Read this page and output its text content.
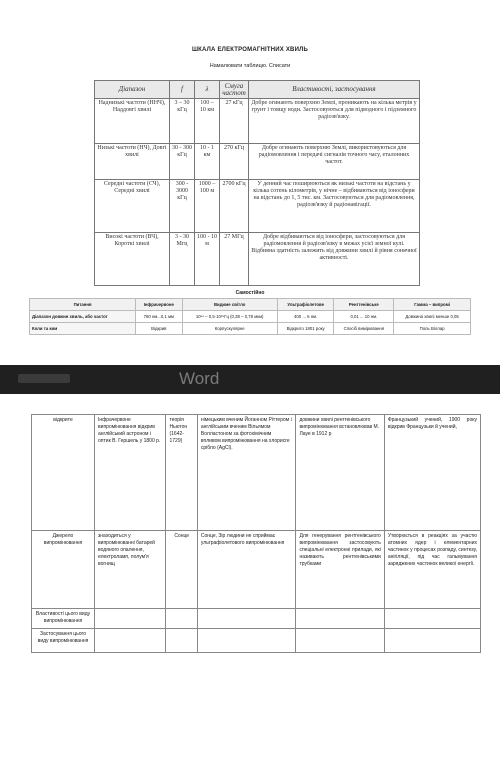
ШКАЛА ЕЛЕКТРОМАГНІТНИХ ХВИЛЬ
Намалювати таблицю. Списати
Діапазон	f	λ	Смуга частот	Властивості, застосування
Наднизькі частоти (ННЧ), Наддовгі хвилі	3 – 30 кГц	100 – 10 км	27 кГц	Добре огинають поверхню Землі, проникають на кілька метрів у грунт і товщу води. Застосовуються для підводного і підземного радіозв'язку.
Низькі частоти (НЧ), Довгі хвилі	30 - 300 кГц	10 - 1 км	270 кГц	Добре огинають поверхню Землі, використовуються для радіомовлення і передачі сигналів точного часу, еталонних частот.
Середні частоти (СЧ), Середні хвилі	300 - 3000 кГц	1000 – 100 м	2700 кГц	У денний час поширюються як низькі частоти на відстань у кілька сотень кілометрів, у нічне – відбиваються від іоносфери на відстань до 1, 5 тис. км. Застосовуються для радіомовлення, радіозв'язку й радіонавігації.
Високі частоти (ВЧ), Короткі хвилі	3 - 30 Мгц	100 - 10 м	27 МГц	Добре відбиваються від іоносфери, застосовуються для радіомовлення й радіозв'язку в межах усієї земної кулі. Відбивна здатність залежить від довжини хвилі й рівня сонячної активності.
Самостійно
Питання	Інфрачервоне	Видиме світло	Ультрафіолетове	Рентгенівське	Гамма – випромі
Діапазон довжин хвиль, або частот	760 нм...0,1 мм	10¹⁴ – 0,5·10¹⁵Гц (0,38 – 0,78 мкм)	400 ... 6 нм.	0,01 ... 10 нм.	Довжина хвилі менше 0,05
Коли та ким	Відкрив	Корпускулярне	Відкрито 1801 року	Спосіб вимірювання	Поль Віллар
Word
відкрите	Інфрачервоне випромінювання відкрив англійський астроном і оптик В. Гершель у 1800 р.	теорія Ньютон (1642-1729)	німецьким вченим Йоганном Ріттером і англійським вченим Вільямом Волластоном за фотохімічним впливом випромінювання на хлорисге срібло (AgCl).	довжини хвилі рентгенівського випромінювання встановлював М. Лауе в 1912 р	Французький учений, 1900 року відкрив Французьки й учений,
Джерело випромінювання	знаходиться у випромінюванні батарей водяного опалення, електроламп, полум'я вогнищ	Сонце	Сонце, Зір людини не сприймає ультрафіолетового випромінювання	Для генерування рентгенівського випромінювання застосовують спеціальні електронні прилади, які називають рентгенівськими трубками	Утворюється в реакціях за участю атомних ядер і елементарних частинок у процесах розпаду, синтезу, анігіляції, під час гальмування заряджених частинок великої енергії.
Властивості цього виду випромінювання					
Застосування цього виду випромінювання					
